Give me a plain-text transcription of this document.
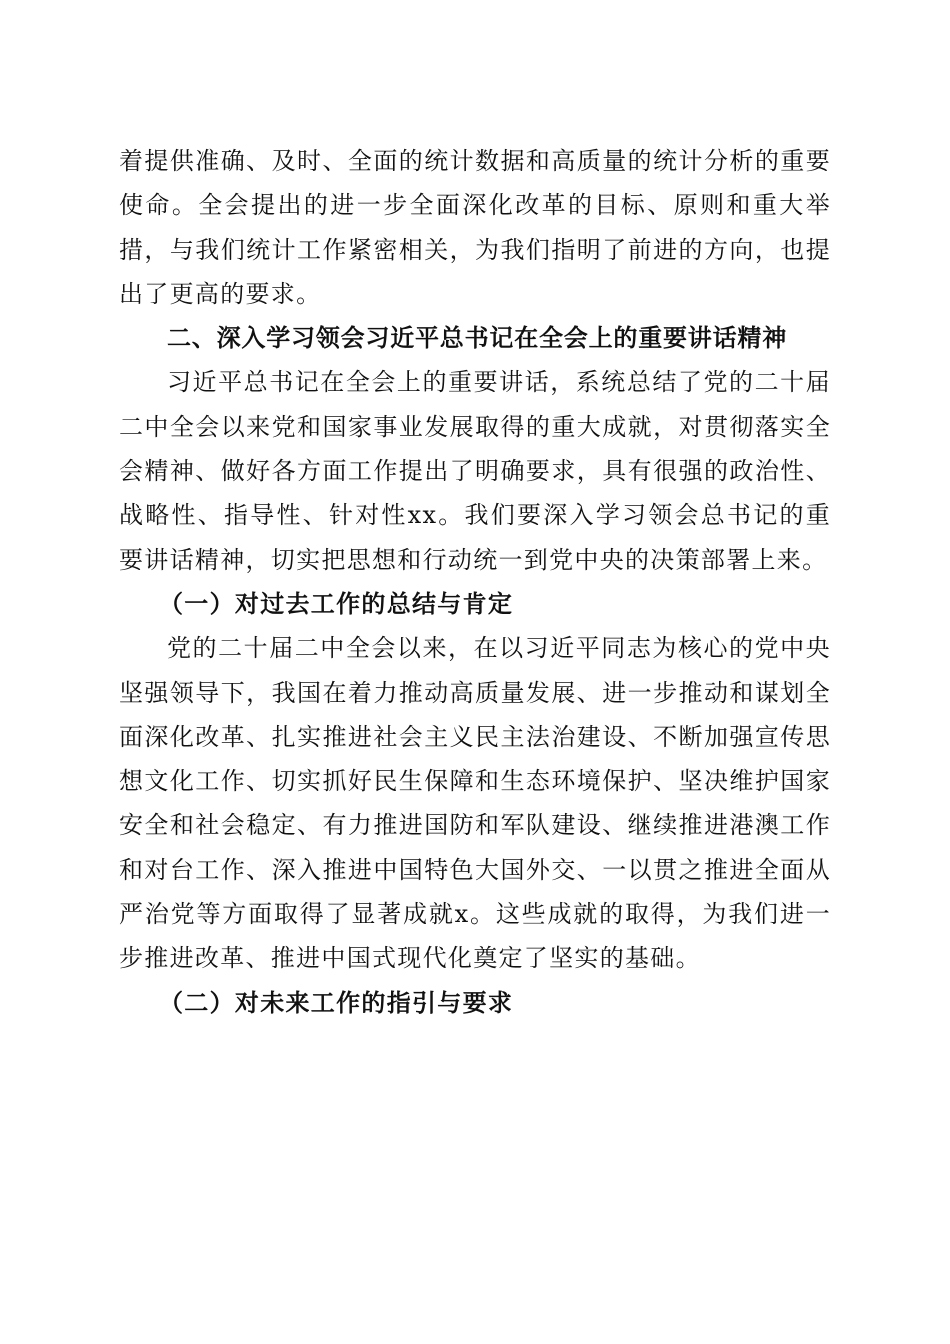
着提供准确、及时、全面的统计数据和高质量的统计分析的重要使命。全会提出的进一步全面深化改革的目标、原则和重大举措，与我们统计工作紧密相关，为我们指明了前进的方向，也提出了更高的要求。

二、深入学习领会习近平总书记在全会上的重要讲话精神

习近平总书记在全会上的重要讲话，系统总结了党的二十届二中全会以来党和国家事业发展取得的重大成就，对贯彻落实全会精神、做好各方面工作提出了明确要求，具有很强的政治性、战略性、指导性、针对性xx。我们要深入学习领会总书记的重要讲话精神，切实把思想和行动统一到党中央的决策部署上来。

（一）对过去工作的总结与肯定

党的二十届二中全会以来，在以习近平同志为核心的党中央坚强领导下，我国在着力推动高质量发展、进一步推动和谋划全面深化改革、扎实推进社会主义民主法治建设、不断加强宣传思想文化工作、切实抓好民生保障和生态环境保护、坚决维护国家安全和社会稳定、有力推进国防和军队建设、继续推进港澳工作和对台工作、深入推进中国特色大国外交、一以贯之推进全面从严治党等方面取得了显著成就x。这些成就的取得，为我们进一步推进改革、推进中国式现代化奠定了坚实的基础。

（二）对未来工作的指引与要求
